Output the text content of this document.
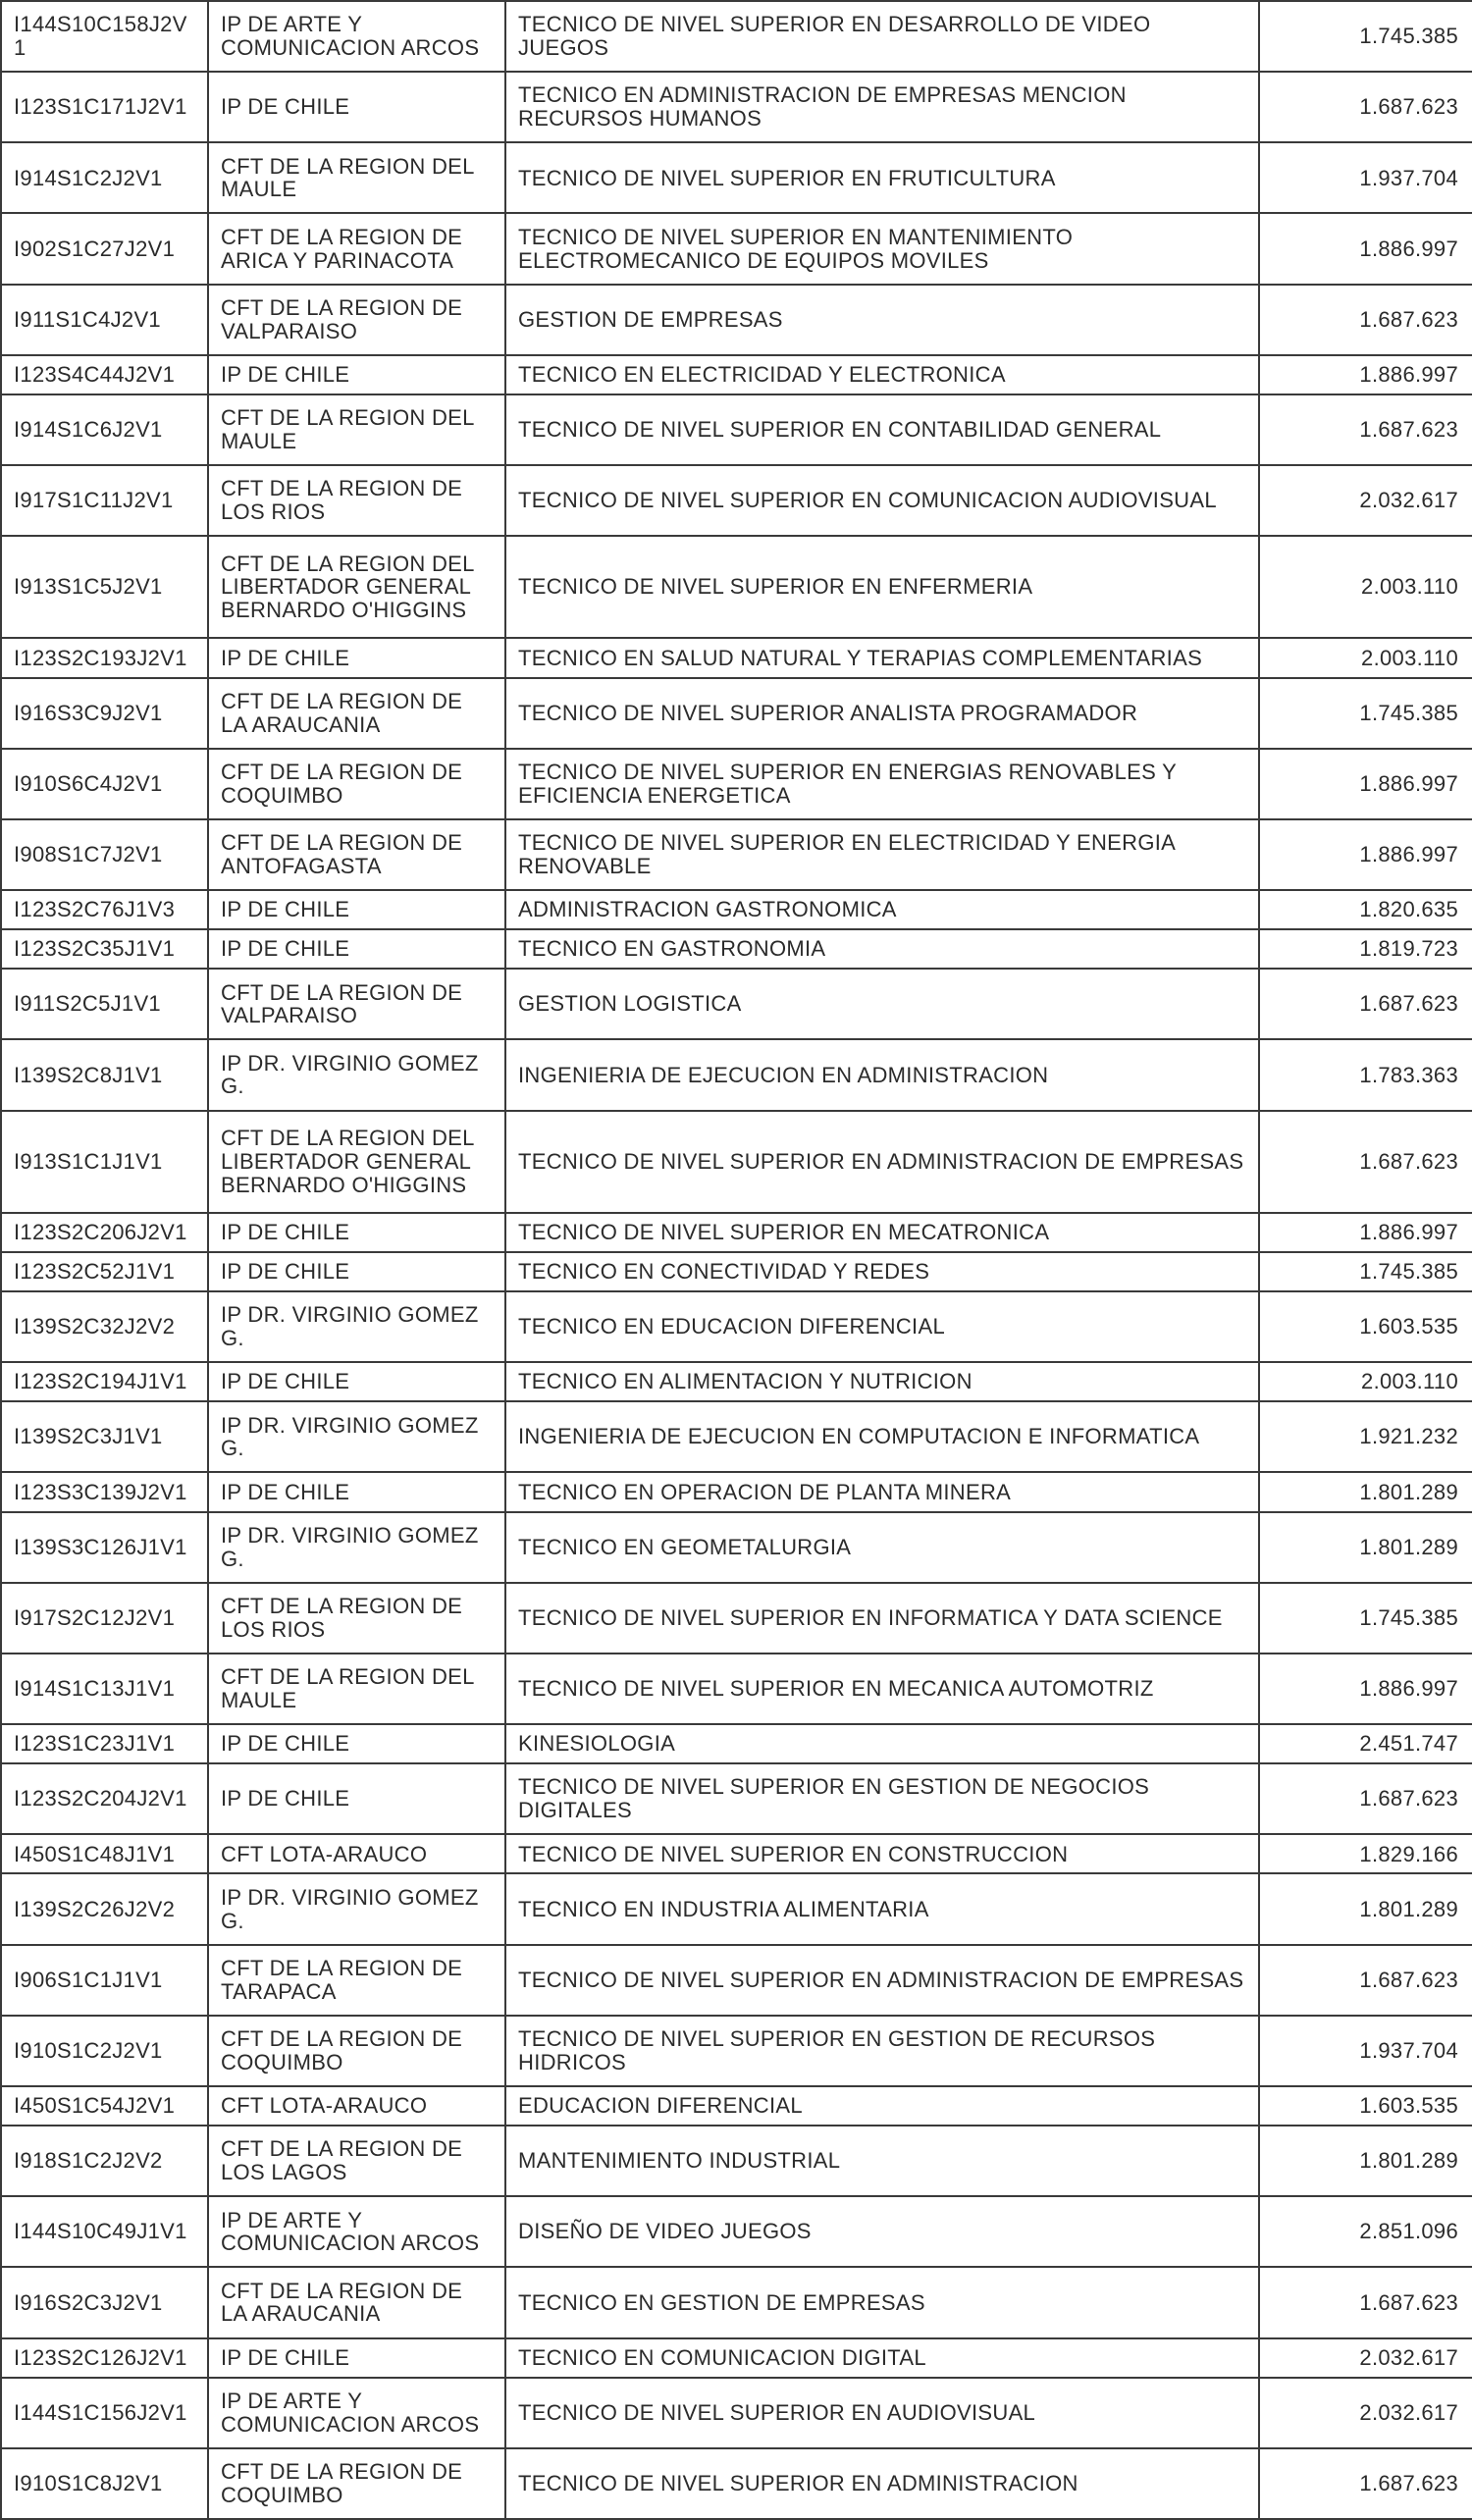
I144S10C158J2V1	IP DE ARTE Y COMUNICACION ARCOS	TECNICO DE NIVEL SUPERIOR EN DESARROLLO DE VIDEO JUEGOS	1.745.385
I123S1C171J2V1	IP DE CHILE	TECNICO EN ADMINISTRACION DE EMPRESAS MENCION RECURSOS HUMANOS	1.687.623
I914S1C2J2V1	CFT DE LA REGION DEL MAULE	TECNICO DE NIVEL SUPERIOR EN FRUTICULTURA	1.937.704
I902S1C27J2V1	CFT DE LA REGION DE ARICA Y PARINACOTA	TECNICO DE NIVEL SUPERIOR EN MANTENIMIENTO ELECTROMECANICO DE EQUIPOS MOVILES	1.886.997
I911S1C4J2V1	CFT DE LA REGION DE VALPARAISO	GESTION DE EMPRESAS	1.687.623
I123S4C44J2V1	IP DE CHILE	TECNICO EN ELECTRICIDAD Y ELECTRONICA	1.886.997
I914S1C6J2V1	CFT DE LA REGION DEL MAULE	TECNICO DE NIVEL SUPERIOR EN CONTABILIDAD GENERAL	1.687.623
I917S1C11J2V1	CFT DE LA REGION DE LOS RIOS	TECNICO DE NIVEL SUPERIOR EN COMUNICACION AUDIOVISUAL	2.032.617
I913S1C5J2V1	CFT DE LA REGION DEL LIBERTADOR GENERAL BERNARDO O'HIGGINS	TECNICO DE NIVEL SUPERIOR EN ENFERMERIA	2.003.110
I123S2C193J2V1	IP DE CHILE	TECNICO EN SALUD NATURAL Y TERAPIAS COMPLEMENTARIAS	2.003.110
I916S3C9J2V1	CFT DE LA REGION DE LA ARAUCANIA	TECNICO DE NIVEL SUPERIOR ANALISTA PROGRAMADOR	1.745.385
I910S6C4J2V1	CFT DE LA REGION DE COQUIMBO	TECNICO DE NIVEL SUPERIOR EN ENERGIAS RENOVABLES Y EFICIENCIA ENERGETICA	1.886.997
I908S1C7J2V1	CFT DE LA REGION DE ANTOFAGASTA	TECNICO DE NIVEL SUPERIOR EN ELECTRICIDAD Y ENERGIA RENOVABLE	1.886.997
I123S2C76J1V3	IP DE CHILE	ADMINISTRACION GASTRONOMICA	1.820.635
I123S2C35J1V1	IP DE CHILE	TECNICO EN GASTRONOMIA	1.819.723
I911S2C5J1V1	CFT DE LA REGION DE VALPARAISO	GESTION LOGISTICA	1.687.623
I139S2C8J1V1	IP DR. VIRGINIO GOMEZ G.	INGENIERIA DE EJECUCION EN ADMINISTRACION	1.783.363
I913S1C1J1V1	CFT DE LA REGION DEL LIBERTADOR GENERAL BERNARDO O'HIGGINS	TECNICO DE NIVEL SUPERIOR EN ADMINISTRACION DE EMPRESAS	1.687.623
I123S2C206J2V1	IP DE CHILE	TECNICO DE NIVEL SUPERIOR EN MECATRONICA	1.886.997
I123S2C52J1V1	IP DE CHILE	TECNICO EN CONECTIVIDAD Y REDES	1.745.385
I139S2C32J2V2	IP DR. VIRGINIO GOMEZ G.	TECNICO EN EDUCACION DIFERENCIAL	1.603.535
I123S2C194J1V1	IP DE CHILE	TECNICO EN ALIMENTACION Y NUTRICION	2.003.110
I139S2C3J1V1	IP DR. VIRGINIO GOMEZ G.	INGENIERIA DE EJECUCION EN COMPUTACION E INFORMATICA	1.921.232
I123S3C139J2V1	IP DE CHILE	TECNICO EN OPERACION DE PLANTA MINERA	1.801.289
I139S3C126J1V1	IP DR. VIRGINIO GOMEZ G.	TECNICO EN GEOMETALURGIA	1.801.289
I917S2C12J2V1	CFT DE LA REGION DE LOS RIOS	TECNICO DE NIVEL SUPERIOR EN INFORMATICA Y DATA SCIENCE	1.745.385
I914S1C13J1V1	CFT DE LA REGION DEL MAULE	TECNICO DE NIVEL SUPERIOR EN MECANICA AUTOMOTRIZ	1.886.997
I123S1C23J1V1	IP DE CHILE	KINESIOLOGIA	2.451.747
I123S2C204J2V1	IP DE CHILE	TECNICO DE NIVEL SUPERIOR EN GESTION DE NEGOCIOS DIGITALES	1.687.623
I450S1C48J1V1	CFT LOTA-ARAUCO	TECNICO DE NIVEL SUPERIOR EN CONSTRUCCION	1.829.166
I139S2C26J2V2	IP DR. VIRGINIO GOMEZ G.	TECNICO EN INDUSTRIA ALIMENTARIA	1.801.289
I906S1C1J1V1	CFT DE LA REGION DE TARAPACA	TECNICO DE NIVEL SUPERIOR EN ADMINISTRACION DE EMPRESAS	1.687.623
I910S1C2J2V1	CFT DE LA REGION DE COQUIMBO	TECNICO DE NIVEL SUPERIOR EN GESTION DE RECURSOS HIDRICOS	1.937.704
I450S1C54J2V1	CFT LOTA-ARAUCO	EDUCACION DIFERENCIAL	1.603.535
I918S1C2J2V2	CFT DE LA REGION DE LOS LAGOS	MANTENIMIENTO INDUSTRIAL	1.801.289
I144S10C49J1V1	IP DE ARTE Y COMUNICACION ARCOS	DISEÑO DE VIDEO JUEGOS	2.851.096
I916S2C3J2V1	CFT DE LA REGION DE LA ARAUCANIA	TECNICO EN GESTION DE EMPRESAS	1.687.623
I123S2C126J2V1	IP DE CHILE	TECNICO EN COMUNICACION DIGITAL	2.032.617
I144S1C156J2V1	IP DE ARTE Y COMUNICACION ARCOS	TECNICO DE NIVEL SUPERIOR EN AUDIOVISUAL	2.032.617
I910S1C8J2V1	CFT DE LA REGION DE COQUIMBO	TECNICO DE NIVEL SUPERIOR EN ADMINISTRACION	1.687.623
